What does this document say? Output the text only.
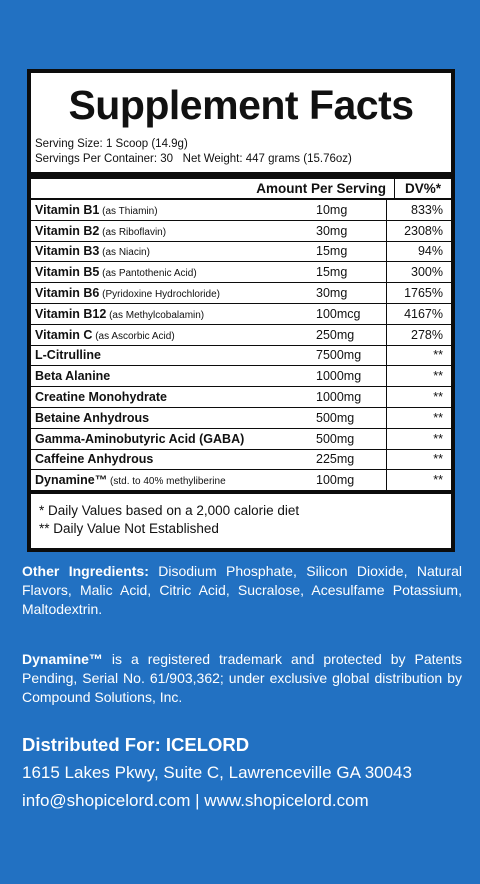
Supplement Facts
Serving Size: 1 Scoop (14.9g)
Servings Per Container: 30   Net Weight: 447 grams (15.76oz)
Amount Per Serving	DV%*
Vitamin B1 (as Thiamin)	10mg	833%
Vitamin B2 (as Riboflavin)	30mg	2308%
Vitamin B3 (as Niacin)	15mg	94%
Vitamin B5 (as Pantothenic Acid)	15mg	300%
Vitamin B6 (Pyridoxine Hydrochloride)	30mg	1765%
Vitamin B12 (as Methylcobalamin)	100mcg	4167%
Vitamin C (as Ascorbic Acid)	250mg	278%
L-Citrulline	7500mg	**
Beta Alanine	1000mg	**
Creatine Monohydrate	1000mg	**
Betaine Anhydrous	500mg	**
Gamma-Aminobutyric Acid (GABA)	500mg	**
Caffeine Anhydrous	225mg	**
Dynamine™ (std. to 40% methyliberine	100mg	**
* Daily Values based on a 2,000 calorie diet
** Daily Value Not Established
Other Ingredients: Disodium Phosphate, Silicon Dioxide, Natural Flavors, Malic Acid, Citric Acid, Sucralose, Acesulfame Potassium, Maltodextrin.
Dynamine™ is a registered trademark and protected by Patents Pending, Serial No. 61/903,362; under exclusive global distribution by Compound Solutions, Inc.
Distributed For: ICELORD
1615 Lakes Pkwy, Suite C, Lawrenceville GA 30043
info@shopicelord.com | www.shopicelord.com
